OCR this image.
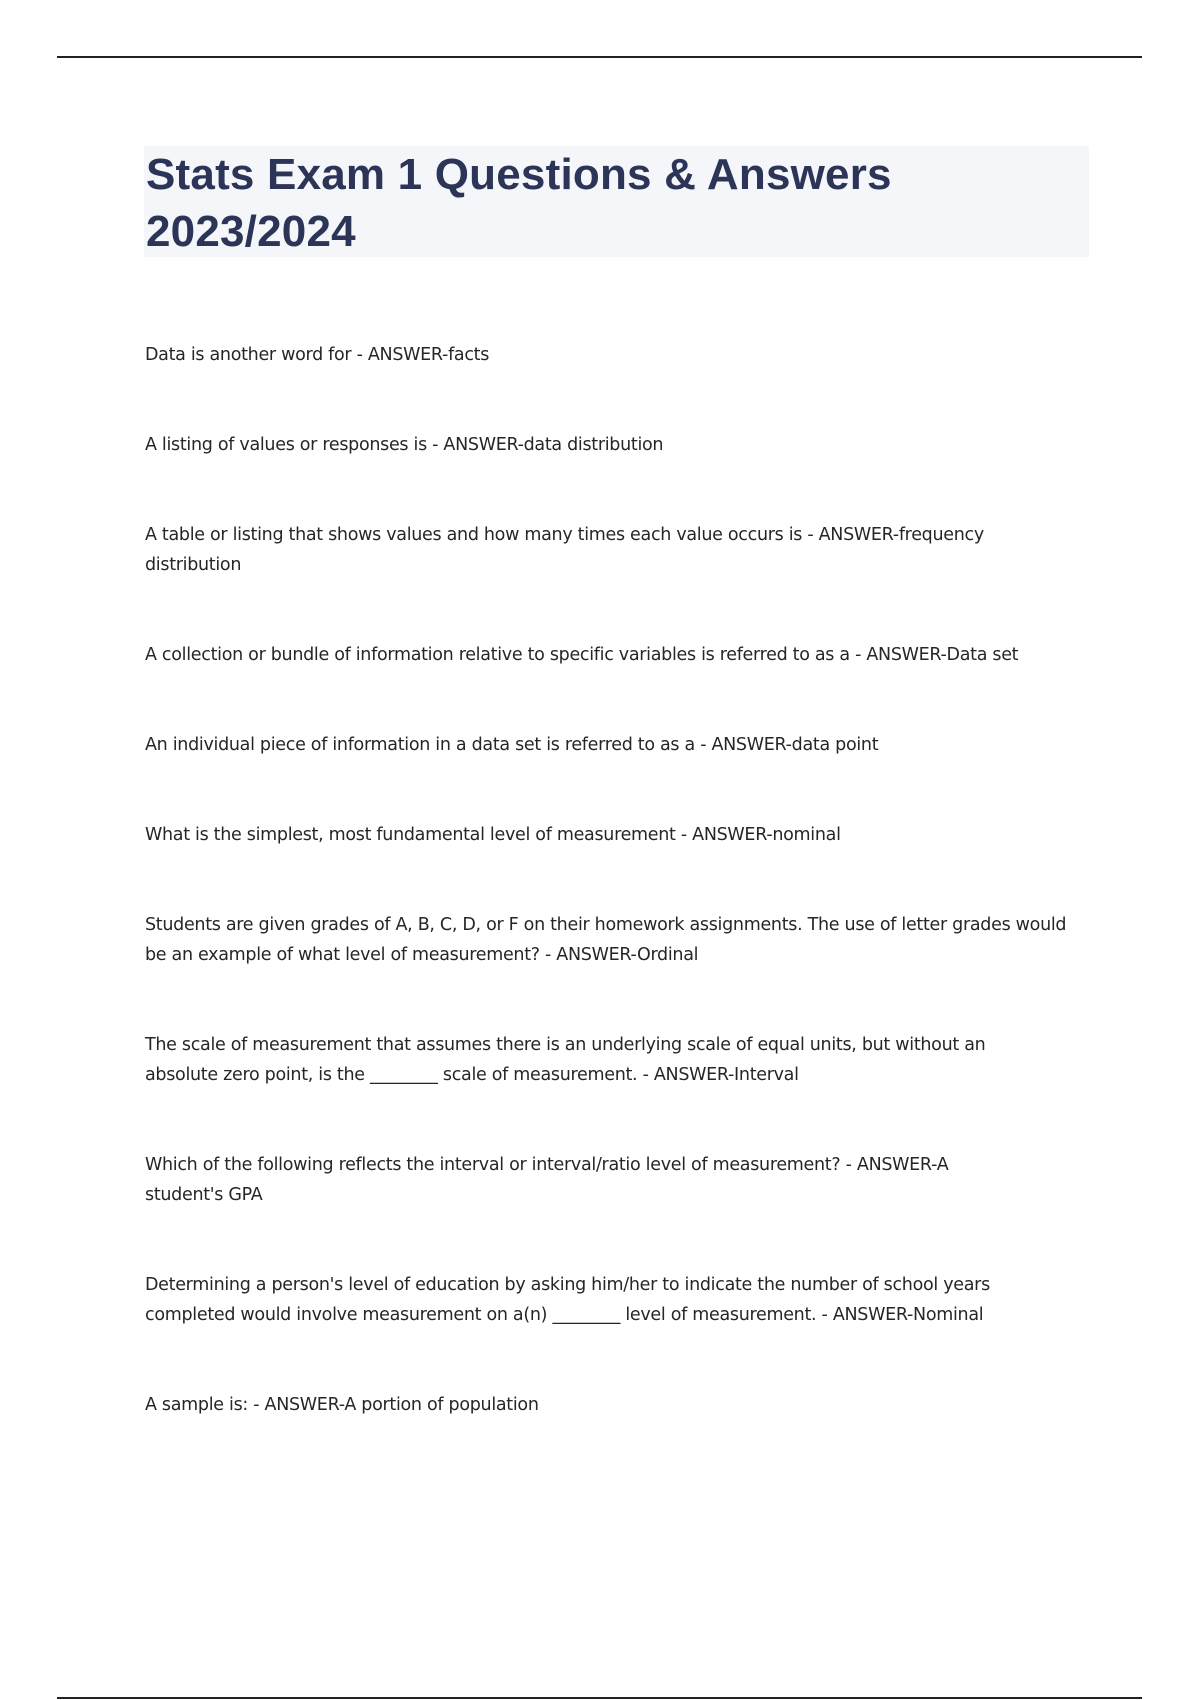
Stats Exam 1 Questions & Answers 2023/2024
Data is another word for - ANSWER-facts
A listing of values or responses is - ANSWER-data distribution
A table or listing that shows values and how many times each value occurs is - ANSWER-frequency distribution
A collection or bundle of information relative to specific variables is referred to as a - ANSWER-Data set
An individual piece of information in a data set is referred to as a - ANSWER-data point
What is the simplest, most fundamental level of measurement - ANSWER-nominal
Students are given grades of A, B, C, D, or F on their homework assignments. The use of letter grades would be an example of what level of measurement? - ANSWER-Ordinal
The scale of measurement that assumes there is an underlying scale of equal units, but without an absolute zero point, is the ________ scale of measurement. - ANSWER-Interval
Which of the following reflects the interval or interval/ratio level of measurement? - ANSWER-A student's GPA
Determining a person's level of education by asking him/her to indicate the number of school years completed would involve measurement on a(n) ________ level of measurement. - ANSWER-Nominal
A sample is: - ANSWER-A portion of population
